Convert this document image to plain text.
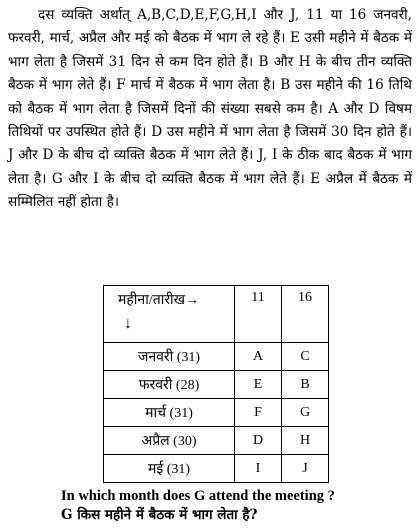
दस व्यक्ति अर्थात् A,B,C,D,E,F,G,H,I और J, 11 या 16 जनवरी, फरवरी, मार्च, अप्रैल और मई को बैठक में भाग ले रहे हैं। E उसी महीने में बैठक में भाग लेता है जिसमें 31 दिन से कम दिन होते हैं। B और H के बीच तीन व्यक्ति बैठक में भाग लेते हैं। F मार्च में बैठक में भाग लेता है। B उस महीने की 16 तिथि को बैठक में भाग लेता है जिसमें दिनों की संख्या सबसे कम है। A और D विषम तिथियों पर उपस्थित होते हैं। D उस महीने में भाग लेता है जिसमें 30 दिन होते हैं। J और D के बीच दो व्यक्ति बैठक में भाग लेते हैं। J, I के ठीक बाद बैठक में भाग लेता है। G और I के बीच दो व्यक्ति बैठक में भाग लेते हैं। E अप्रैल में बैठक में सम्मिलित नहीं होता है।

महीना/तारीख→
↓	11	16
जनवरी (31)	A	C
फरवरी (28)	E	B
मार्च (31)	F	G
अप्रैल (30)	D	H
मई (31)	I	J
In which month does G attend the meeting ?
G किस महीने में बैठक में भाग लेता है?
